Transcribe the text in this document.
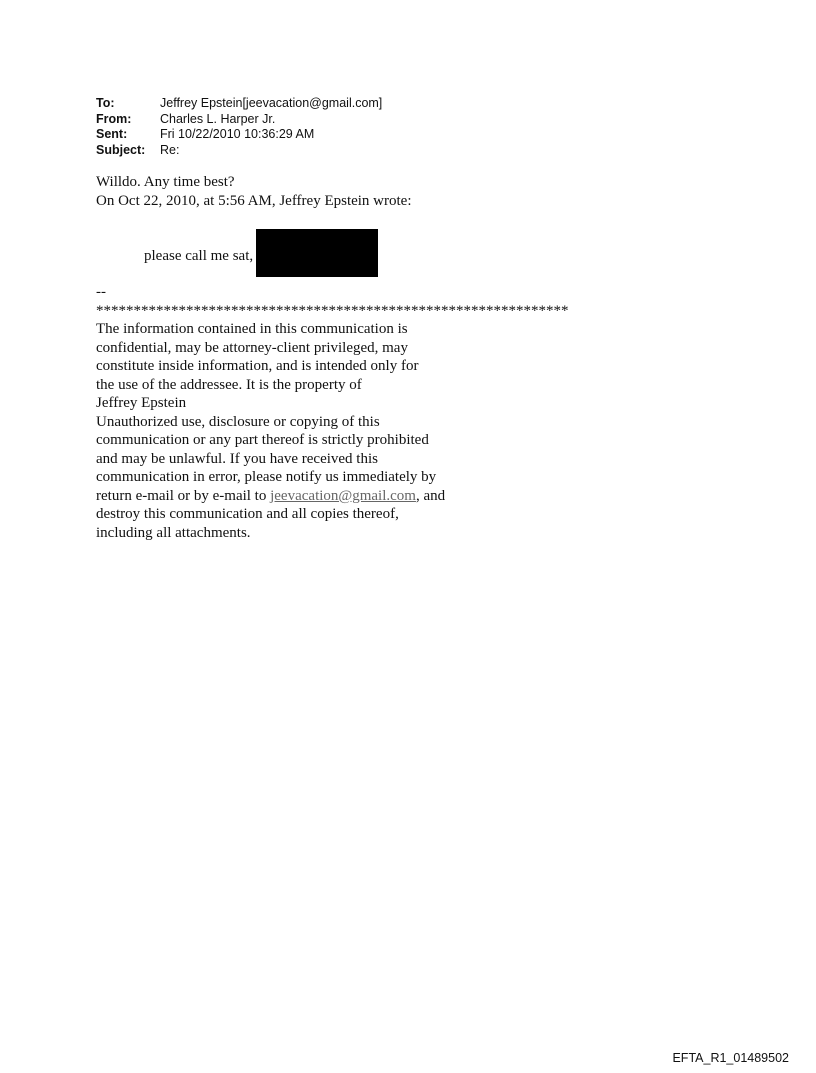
To:	Jeffrey Epstein[jeevacation@gmail.com]
From:	Charles L. Harper Jr.
Sent:	Fri 10/22/2010 10:36:29 AM
Subject:	Re:
Willdo. Any time best?
On Oct 22, 2010, at 5:56 AM, Jeffrey Epstein wrote:
please call me sat,
--
***************************************************************
The information contained in this communication is
confidential, may be attorney-client privileged, may
constitute inside information, and is intended only for
the use of the addressee. It is the property of
Jeffrey Epstein
Unauthorized use, disclosure or copying of this
communication or any part thereof is strictly prohibited
and may be unlawful. If you have received this
communication in error, please notify us immediately by
return e-mail or by e-mail to jeevacation@gmail.com, and
destroy this communication and all copies thereof,
including all attachments.
EFTA_R1_01489502
